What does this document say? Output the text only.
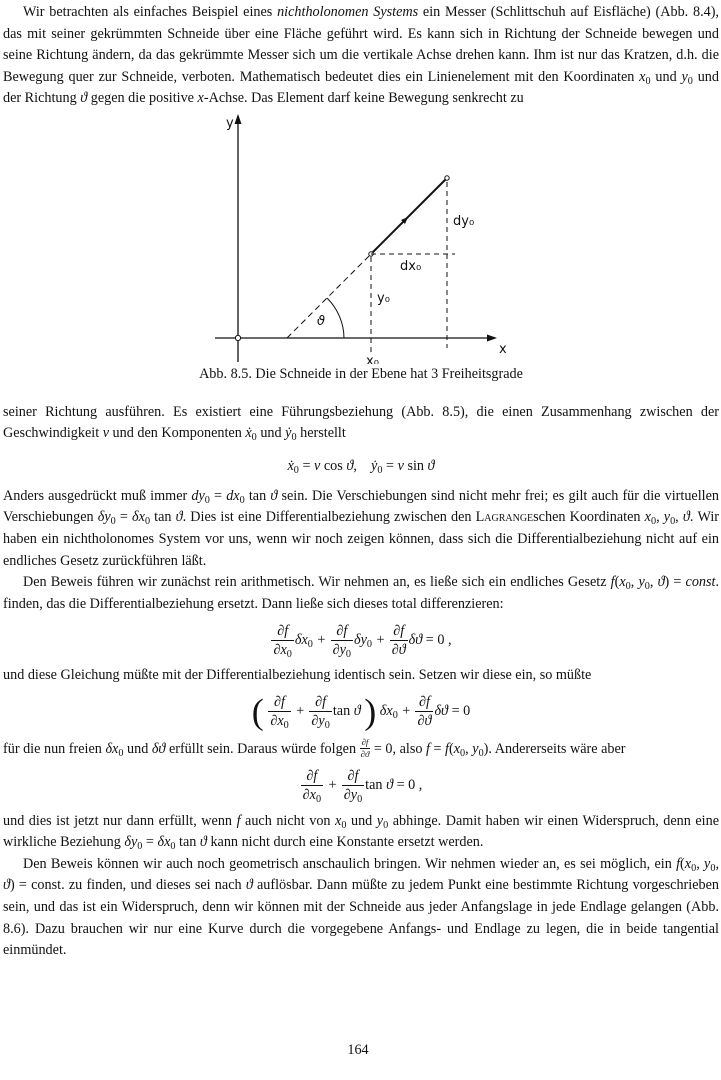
Wir betrachten als einfaches Beispiel eines nichtholonomen Systems ein Messer (Schlittschuh auf Eisfläche) (Abb. 8.4), das mit seiner gekrümmten Schneide über eine Fläche geführt wird. Es kann sich in Richtung der Schneide bewegen und seine Richtung ändern, da das gekrümmte Messer sich um die vertikale Achse drehen kann. Ihm ist nur das Kratzen, d.h. die Bewegung quer zur Schneide, verboten. Mathematisch bedeutet dies ein Linienelement mit den Koordinaten $x_0$ und $y_0$ und der Richtung ϑ gegen die positive x-Achse. Das Element darf keine Bewegung senkrecht zu

y
x
x₀
y₀
dx₀
dy₀
ϑ

Abb. 8.5. Die Schneide in der Ebene hat 3 Freiheitsgrade

seiner Richtung ausführen. Es existiert eine Führungsbeziehung (Abb. 8.5), die einen Zusammenhang zwischen der Geschwindigkeit v und den Komponenten ẋ$_0$ und ẏ$_0$ herstellt

ẋ$_0$ = v cos ϑ,    ẏ$_0$ = v sin ϑ

Anders ausgedrückt muß immer $dy_0 = dx_0$ tan ϑ sein. Die Verschiebungen sind nicht mehr frei; es gilt auch für die virtuellen Verschiebungen $\delta y_0 = \delta x_0$ tan ϑ. Dies ist eine Differentialbeziehung zwischen den Lagrangeschen Koordinaten $x_0$, $y_0$, ϑ. Wir haben ein nichtholonomes System vor uns, wenn wir noch zeigen können, dass sich die Differentialbeziehung nicht auf ein endliches Gesetz zurückführen läßt.

Den Beweis führen wir zunächst rein arithmetisch. Wir nehmen an, es ließe sich ein endliches Gesetz $f(x_0$, $y_0$, ϑ) = const. finden, das die Differentialbeziehung ersetzt. Dann ließe sich dieses total differenzieren:

$\frac{\partial f}{\partial x_0} \delta x_0 + \frac{\partial f}{\partial y_0} \delta y_0 + \frac{\partial f}{\partial ϑ}$ δϑ = 0 ,

und diese Gleichung müßte mit der Differentialbeziehung identisch sein. Setzen wir diese ein, so müßte

( $\frac{\partial f}{\partial x_0} + \frac{\partial f}{\partial y_0}$ tan ϑ ) $\delta x_0 + \frac{\partial f}{\partial ϑ}$ δϑ = 0

für die nun freien $\delta x_0$ und δϑ erfüllt sein. Daraus würde folgen $\frac{\partial f}{\partial ϑ} = 0$, also $f = f(x_0$, $y_0$). Andererseits wäre aber

$\frac{\partial f}{\partial x_0} + \frac{\partial f}{\partial y_0}$ tan ϑ = 0 ,

und dies ist jetzt nur dann erfüllt, wenn f auch nicht von $x_0$ und $y_0$ abhinge. Damit haben wir einen Widerspruch, denn eine wirkliche Beziehung $\delta y_0 = \delta x_0$ tan ϑ kann nicht durch eine Konstante ersetzt werden.

Den Beweis können wir auch noch geometrisch anschaulich bringen. Wir nehmen wieder an, es sei möglich, ein $f(x_0$, $y_0$, ϑ) = const. zu finden, und dieses sei nach ϑ auflösbar. Dann müßte zu jedem Punkt eine bestimmte Richtung vorgeschrieben sein, und das ist ein Widerspruch, denn wir können mit der Schneide aus jeder Anfangslage in jede Endlage gelangen (Abb. 8.6). Dazu brauchen wir nur eine Kurve durch die vorgegebene Anfangs- und Endlage zu legen, die in beide tangential einmündet.

164
